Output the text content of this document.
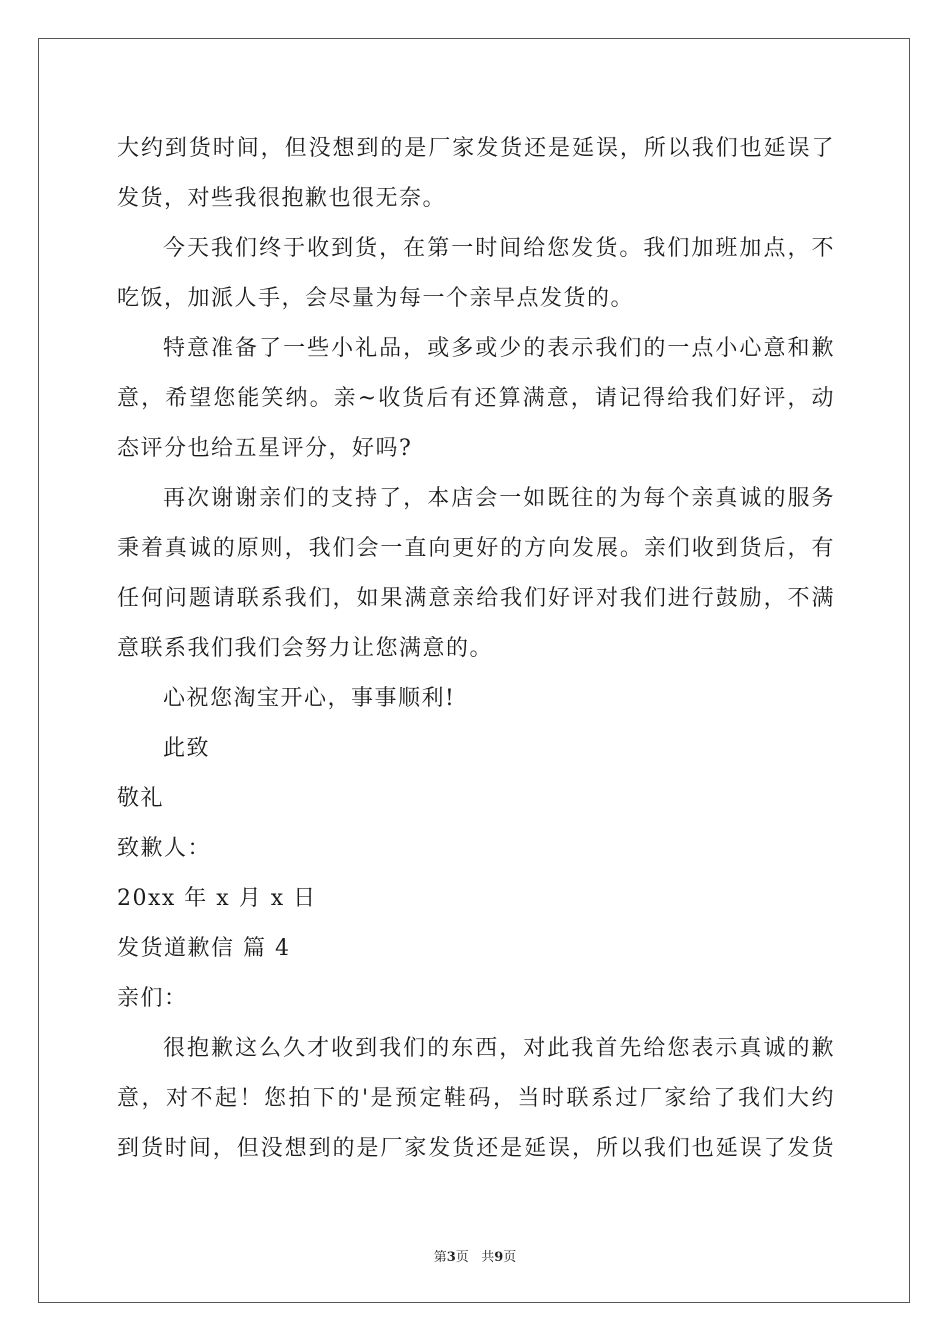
大约到货时间，但没想到的是厂家发货还是延误，所以我们也延误了
发货，对些我很抱歉也很无奈。
今天我们终于收到货，在第一时间给您发货。我们加班加点，不
吃饭，加派人手，会尽量为每一个亲早点发货的。
特意准备了一些小礼品，或多或少的表示我们的一点小心意和歉
意，希望您能笑纳。亲~收货后有还算满意，请记得给我们好评，动
态评分也给五星评分，好吗?
再次谢谢亲们的支持了，本店会一如既往的为每个亲真诚的服务
秉着真诚的原则，我们会一直向更好的方向发展。亲们收到货后，有
任何问题请联系我们，如果满意亲给我们好评对我们进行鼓励，不满
意联系我们我们会努力让您满意的。
心祝您淘宝开心，事事顺利!
此致
敬礼
致歉人：
20xx 年 x 月 x 日
发货道歉信 篇 4
亲们：
很抱歉这么久才收到我们的东西，对此我首先给您表示真诚的歉
意，对不起！您拍下的'是预定鞋码，当时联系过厂家给了我们大约
到货时间，但没想到的是厂家发货还是延误，所以我们也延误了发货
第3页   共9页
